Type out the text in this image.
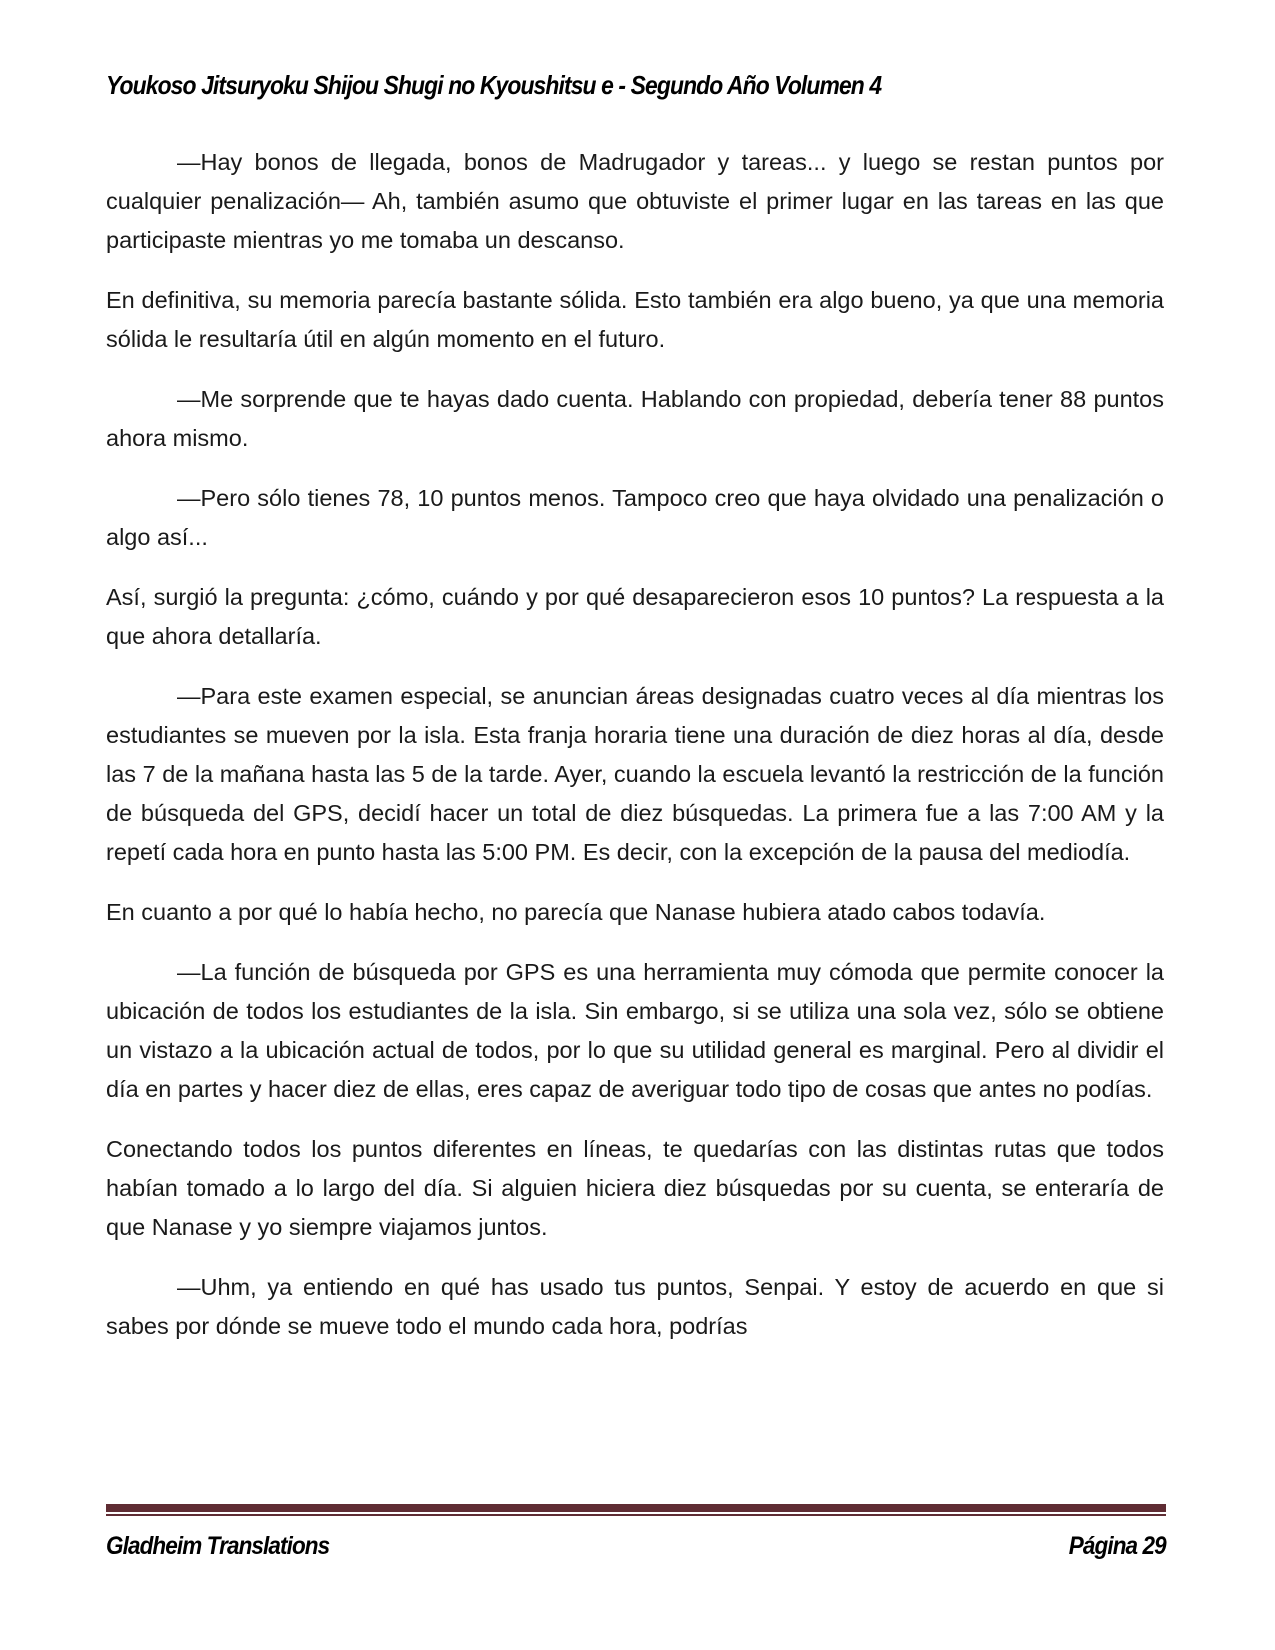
Youkoso Jitsuryoku Shijou Shugi no Kyoushitsu e - Segundo Año Volumen 4

—Hay bonos de llegada, bonos de Madrugador y tareas... y luego se restan puntos por cualquier penalización— Ah, también asumo que obtuviste el primer lugar en las tareas en las que participaste mientras yo me tomaba un descanso.

En definitiva, su memoria parecía bastante sólida. Esto también era algo bueno, ya que una memoria sólida le resultaría útil en algún momento en el futuro.

—Me sorprende que te hayas dado cuenta. Hablando con propiedad, debería tener 88 puntos ahora mismo.

—Pero sólo tienes 78, 10 puntos menos. Tampoco creo que haya olvidado una penalización o algo así...

Así, surgió la pregunta: ¿cómo, cuándo y por qué desaparecieron esos 10 puntos? La respuesta a la que ahora detallaría.

—Para este examen especial, se anuncian áreas designadas cuatro veces al día mientras los estudiantes se mueven por la isla. Esta franja horaria tiene una duración de diez horas al día, desde las 7 de la mañana hasta las 5 de la tarde. Ayer, cuando la escuela levantó la restricción de la función de búsqueda del GPS, decidí hacer un total de diez búsquedas. La primera fue a las 7:00 AM y la repetí cada hora en punto hasta las 5:00 PM. Es decir, con la excepción de la pausa del mediodía.

En cuanto a por qué lo había hecho, no parecía que Nanase hubiera atado cabos todavía.

—La función de búsqueda por GPS es una herramienta muy cómoda que permite conocer la ubicación de todos los estudiantes de la isla. Sin embargo, si se utiliza una sola vez, sólo se obtiene un vistazo a la ubicación actual de todos, por lo que su utilidad general es marginal. Pero al dividir el día en partes y hacer diez de ellas, eres capaz de averiguar todo tipo de cosas que antes no podías.

Conectando todos los puntos diferentes en líneas, te quedarías con las distintas rutas que todos habían tomado a lo largo del día. Si alguien hiciera diez búsquedas por su cuenta, se enteraría de que Nanase y yo siempre viajamos juntos.

—Uhm, ya entiendo en qué has usado tus puntos, Senpai. Y estoy de acuerdo en que si sabes por dónde se mueve todo el mundo cada hora, podrías

Gladheim Translations	Página 29
